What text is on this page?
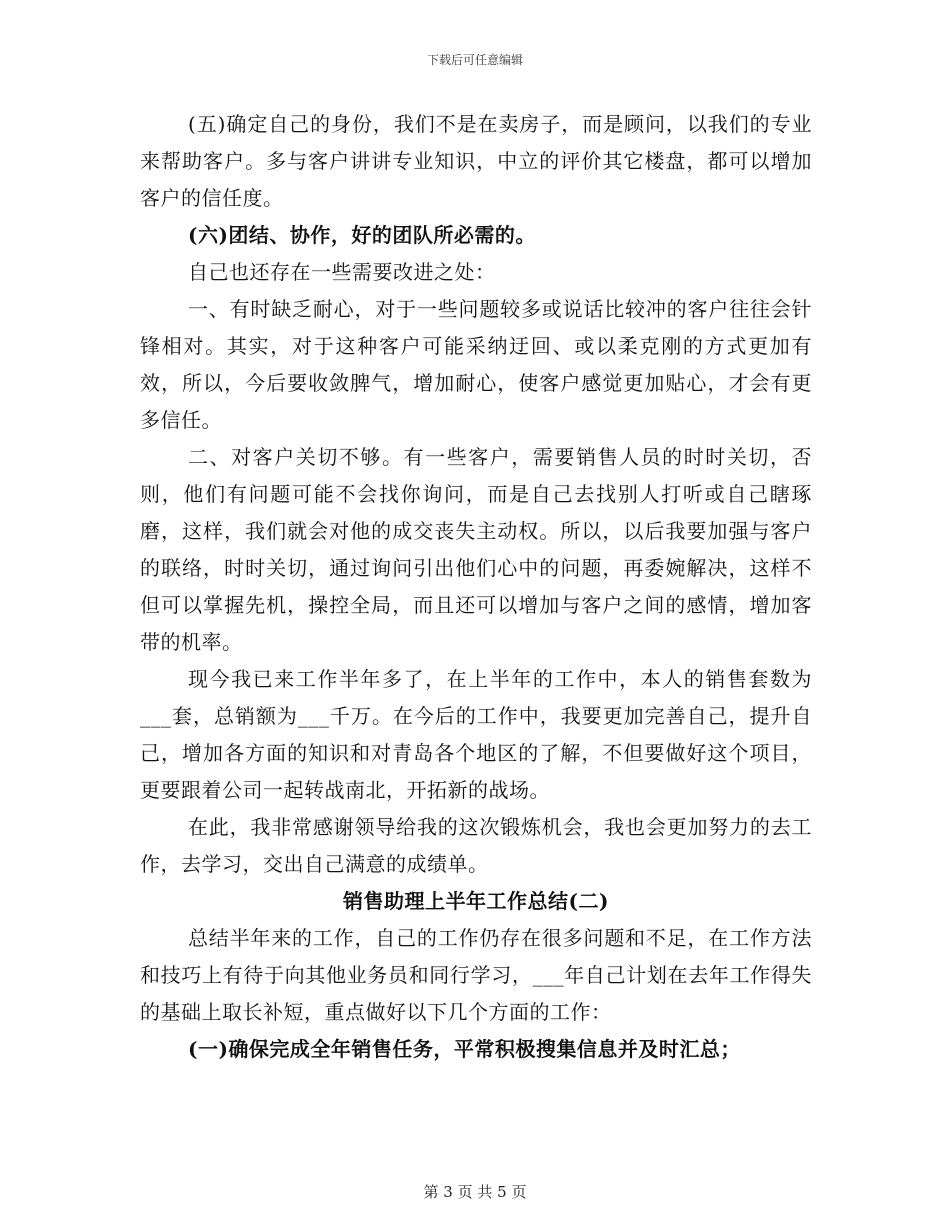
下载后可任意编辑

(五)确定自己的身份，我们不是在卖房子，而是顾问，以我们的专业来帮助客户。多与客户讲讲专业知识，中立的评价其它楼盘，都可以增加客户的信任度。

(六)团结、协作，好的团队所必需的。

自己也还存在一些需要改进之处：

一、有时缺乏耐心，对于一些问题较多或说话比较冲的客户往往会针锋相对。其实，对于这种客户可能采纳迂回、或以柔克刚的方式更加有效，所以，今后要收敛脾气，增加耐心，使客户感觉更加贴心，才会有更多信任。

二、对客户关切不够。有一些客户，需要销售人员的时时关切，否则，他们有问题可能不会找你询问，而是自己去找别人打听或自己瞎琢磨，这样，我们就会对他的成交丧失主动权。所以，以后我要加强与客户的联络，时时关切，通过询问引出他们心中的问题，再委婉解决，这样不但可以掌握先机，操控全局，而且还可以增加与客户之间的感情，增加客带的机率。

现今我已来工作半年多了，在上半年的工作中，本人的销售套数为___套，总销额为___千万。在今后的工作中，我要更加完善自己，提升自己，增加各方面的知识和对青岛各个地区的了解，不但要做好这个项目，更要跟着公司一起转战南北，开拓新的战场。

在此，我非常感谢领导给我的这次锻炼机会，我也会更加努力的去工作，去学习，交出自己满意的成绩单。

销售助理上半年工作总结(二)

总结半年来的工作，自己的工作仍存在很多问题和不足，在工作方法和技巧上有待于向其他业务员和同行学习，___年自己计划在去年工作得失的基础上取长补短，重点做好以下几个方面的工作：

(一)确保完成全年销售任务，平常积极搜集信息并及时汇总；

第 3 页 共 5 页
